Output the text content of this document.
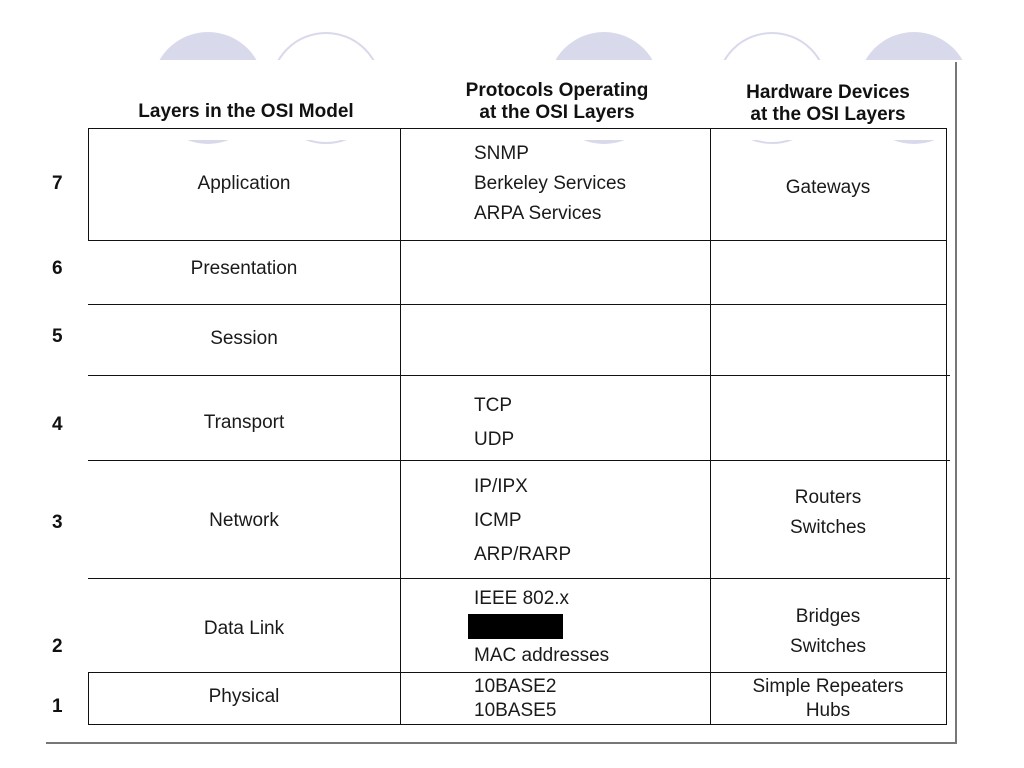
Layers in the OSI Model
Protocols Operating
at the OSI Layers
Hardware Devices
at the OSI Layers
Application
SNMP
Berkeley Services
ARPA Services
Gateways
Presentation
Session
Transport
TCP
UDP
Network
IP/IPX
ICMP
ARP/RARP
Routers
Switches
Data Link
IEEE 802.x
MAC addresses
Bridges
Switches
Physical	10BASE2
10BASE5
Simple Repeaters
Hubs
7
6
5
4
3
2
1
